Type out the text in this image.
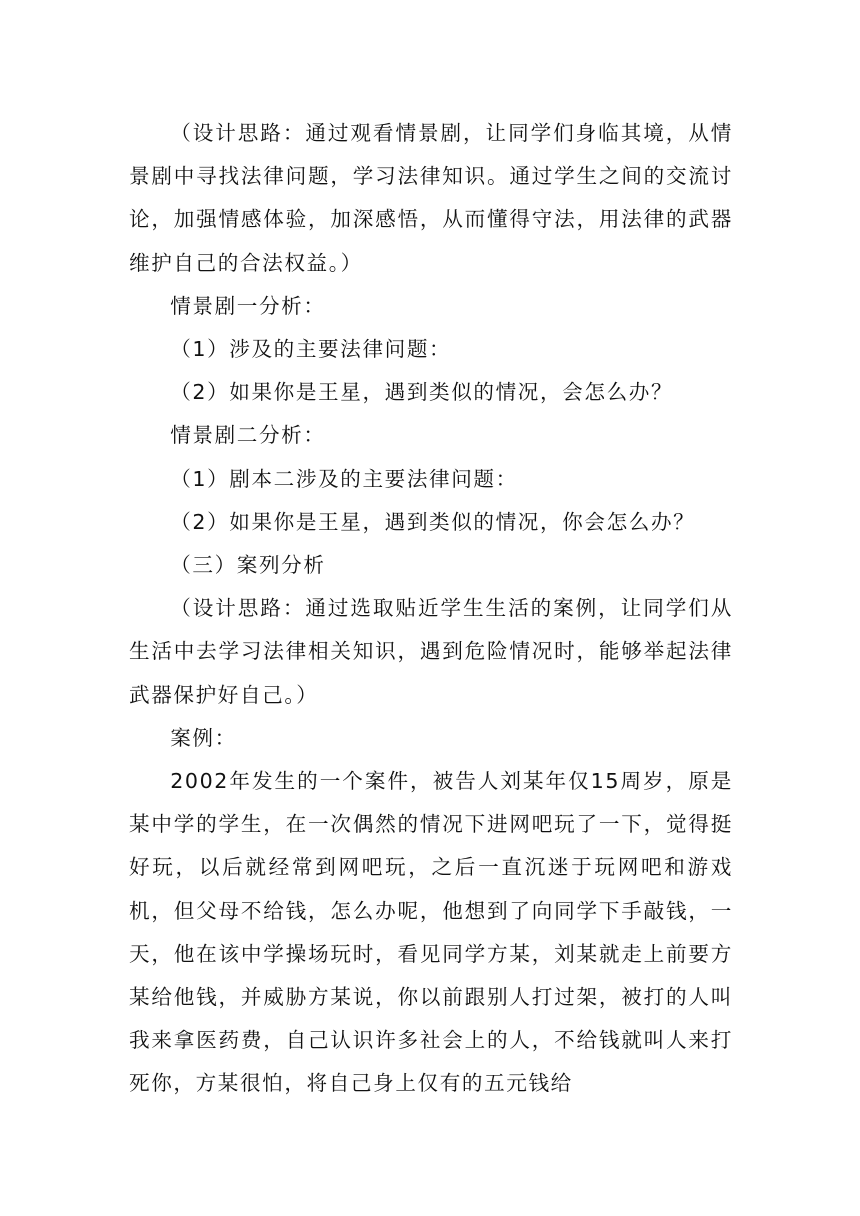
（设计思路：通过观看情景剧，让同学们身临其境，从情景剧中寻找法律问题，学习法律知识。通过学生之间的交流讨论，加强情感体验，加深感悟，从而懂得守法，用法律的武器维护自己的合法权益。）

情景剧一分析：

（1）涉及的主要法律问题：

（2）如果你是王星，遇到类似的情况，会怎么办？

情景剧二分析：

（1）剧本二涉及的主要法律问题：

（2）如果你是王星，遇到类似的情况，你会怎么办？

（三）案列分析

（设计思路：通过选取贴近学生生活的案例，让同学们从生活中去学习法律相关知识，遇到危险情况时，能够举起法律武器保护好自己。）

案例：

2002年发生的一个案件，被告人刘某年仅15周岁，原是某中学的学生，在一次偶然的情况下进网吧玩了一下，觉得挺好玩，以后就经常到网吧玩，之后一直沉迷于玩网吧和游戏机，但父母不给钱，怎么办呢，他想到了向同学下手敲钱，一天，他在该中学操场玩时，看见同学方某，刘某就走上前要方某给他钱，并威胁方某说，你以前跟别人打过架，被打的人叫我来拿医药费，自己认识许多社会上的人，不给钱就叫人来打死你，方某很怕，将自己身上仅有的五元钱给
